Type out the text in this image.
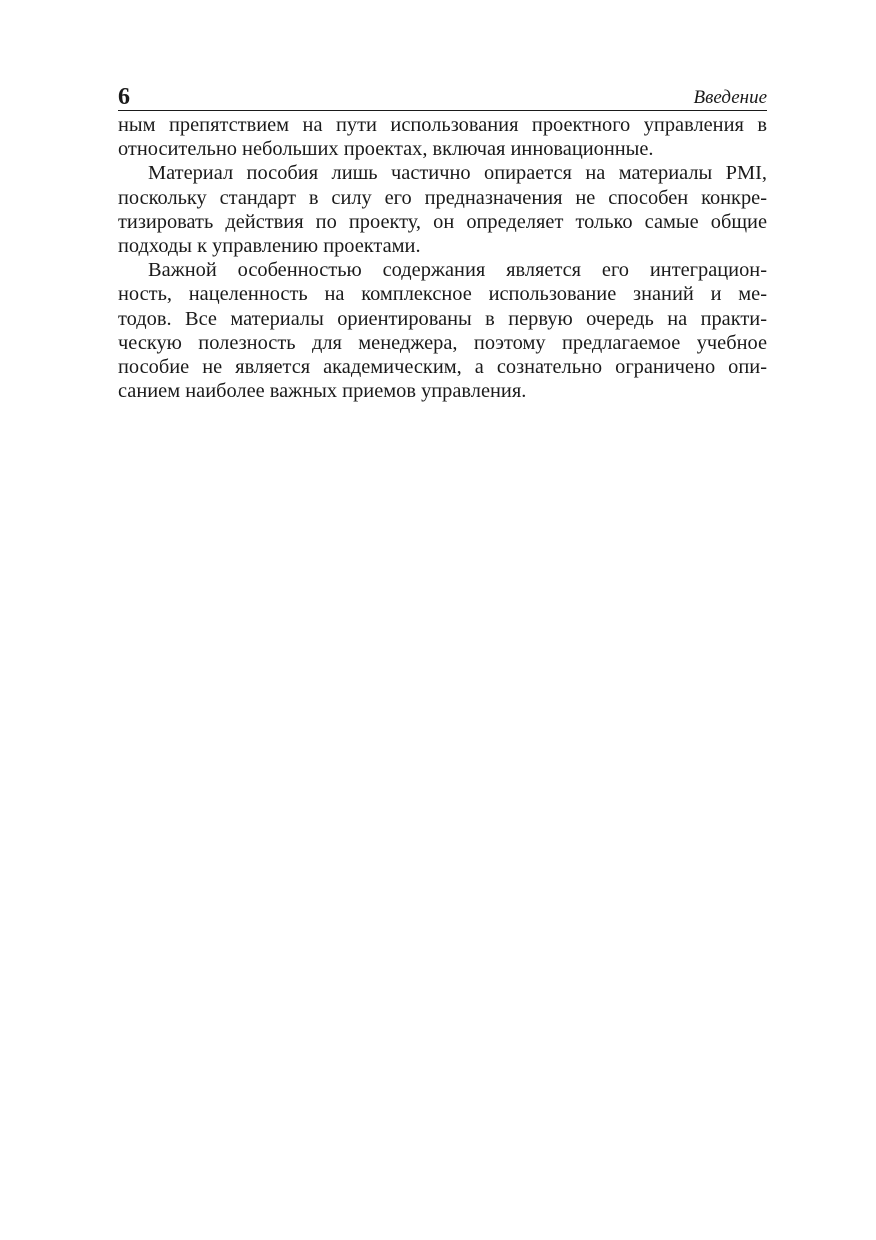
6	Введение

ным препятствием на пути использования проектного управления в
относительно небольших проектах, включая инновационные.

Материал пособия лишь частично опирается на материалы PMI,
поскольку стандарт в силу его предназначения не способен конкре-
тизировать действия по проекту, он определяет только самые общие
подходы к управлению проектами.

Важной особенностью содержания является его интеграцион-
ность, нацеленность на комплексное использование знаний и ме-
тодов. Все материалы ориентированы в первую очередь на практи-
ческую полезность для менеджера, поэтому предлагаемое учебное
пособие не является академическим, а сознательно ограничено опи-
санием наиболее важных приемов управления.
